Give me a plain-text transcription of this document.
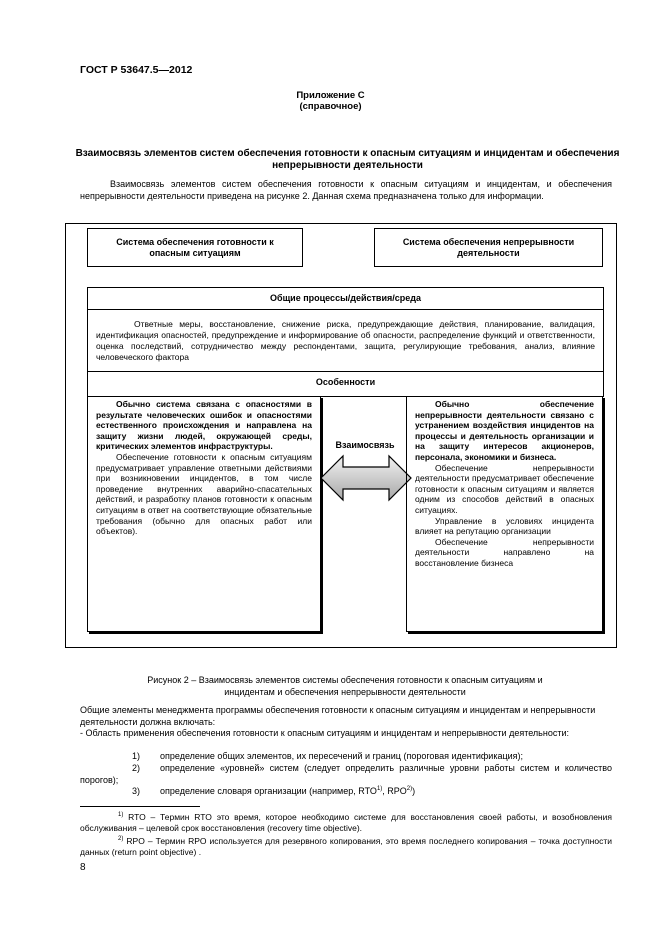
ГОСТ Р 53647.5—2012
Приложение С
(справочное)
Взаимосвязь элементов систем обеспечения готовности к опасным ситуациям и инцидентам и обеспечения непрерывности деятельности
Взаимосвязь элементов систем обеспечения готовности к опасным ситуациям и инцидентам, и обеспечения непрерывности деятельности приведена на рисунке 2. Данная схема предназначена только для информации.
Система обеспечения готовности к опасным ситуациям
Система обеспечения непрерывности деятельности
Общие процессы/действия/среда
Ответные меры, восстановление, снижение риска, предупреждающие действия, планирование, валидация, идентификация опасностей, предупреждение и информирование об опасности, распределение функций и ответственности, оценка последствий, сотрудничество между респондентами, защита, регулирующие требования, анализ, влияние человеческого фактора
Особенности

Обычно система связана с опасностями в результате человеческих ошибок и опасностями естественного происхождения и направлена на защиту жизни людей, окружающей среды, критических элементов инфраструктуры.

Обеспечение готовности к опасным ситуациям предусматривает управление ответными действиями при возникновении инцидентов, в том числе проведение внутренних аварийно-спасательных действий, и разработку планов готовности к опасным ситуациям в ответ на соответствующие обязательные требования (обычно для опасных работ или объектов).

Взаимосвязь

Обычно обеспечение непрерывности деятельности связано с устранением воздействия инцидентов на процессы и деятельность организации и на защиту интересов акционеров, персонала, экономики и бизнеса.

Обеспечение непрерывности деятельности предусматривает обеспечение готовности к опасным ситуациям и является одним из способов действий в опасных ситуациях.

Управление в условиях инцидента влияет на репутацию организации

Обеспечение непрерывности деятельности направлено на восстановление бизнеса

Рисунок 2 – Взаимосвязь элементов системы обеспечения готовности к опасным ситуациям и инцидентам и обеспечения непрерывности деятельности
Общие элементы менеджмента программы обеспечения готовности к опасным ситуациям и инцидентам и непрерывности деятельности должна включать:
- Область применения обеспечения готовности к опасным ситуациям и инцидентам и непрерывности деятельности:
1) определение общих элементов, их пересечений и границ (пороговая идентификация);
2) определение «уровней» систем (следует определить различные уровни работы систем и количество порогов);
3) определение словаря организации (например, RTO$^{1)}$, RPO$^{2)}$)
$^{1)}$ RTO – Термин RTO это время, которое необходимо системе для восстановления своей работы, и возобновления обслуживания – целевой срок восстановления (recovery time objective).
$^{2)}$ RPO – Термин RPO используется для резервного копирования, это время последнего копирования – точка доступности данных (return point objective) .
8
